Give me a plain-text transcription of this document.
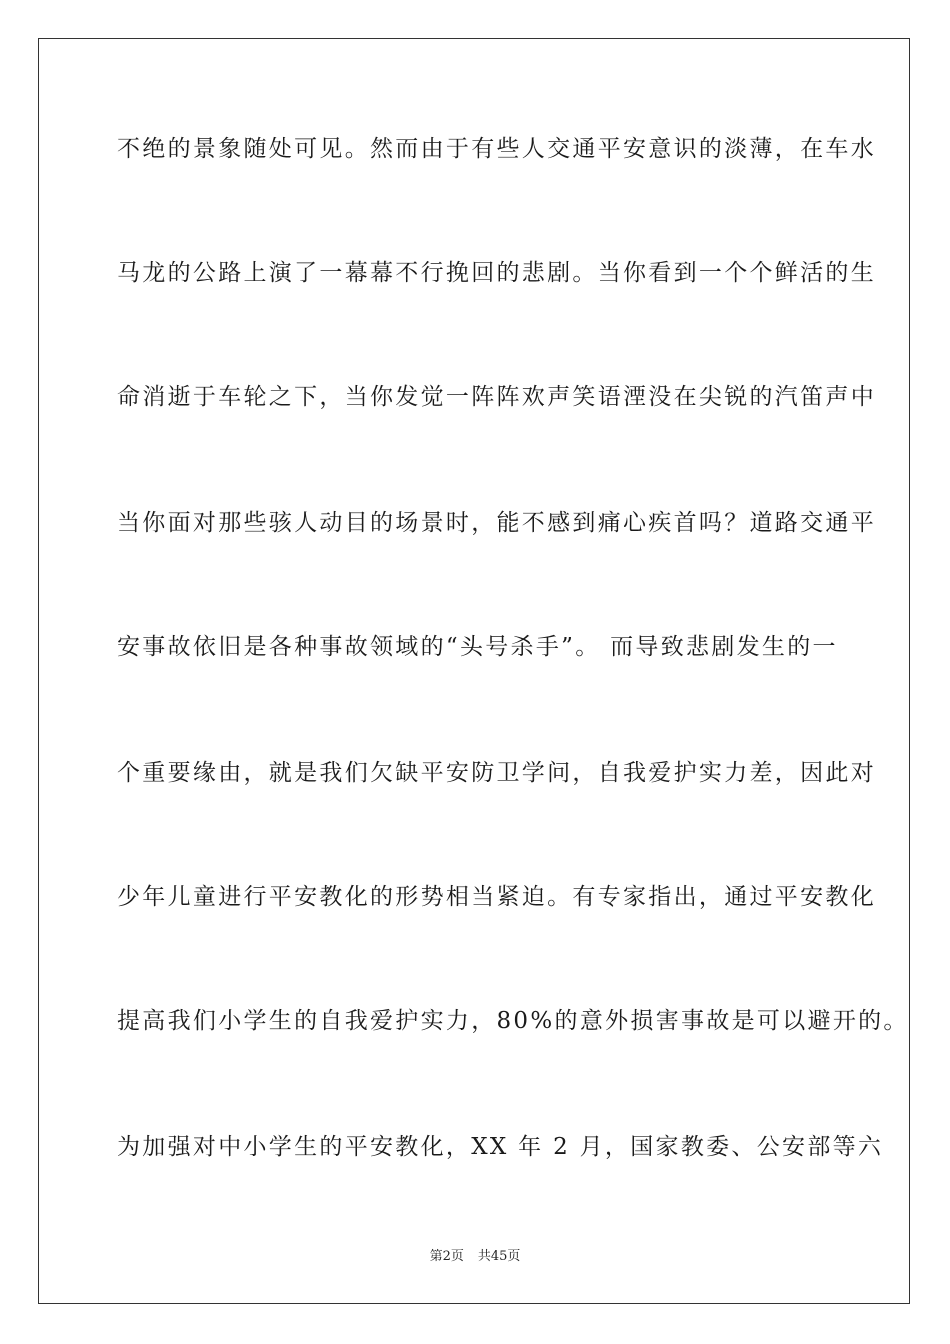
不绝的景象随处可见。然而由于有些人交通平安意识的淡薄，在车水
马龙的公路上演了一幕幕不行挽回的悲剧。当你看到一个个鲜活的生
命消逝于车轮之下，当你发觉一阵阵欢声笑语湮没在尖锐的汽笛声中
当你面对那些骇人动目的场景时，能不感到痛心疾首吗？道路交通平
安事故依旧是各种事故领域的“头号杀手”。 而导致悲剧发生的一
个重要缘由，就是我们欠缺平安防卫学问，自我爱护实力差，因此对
少年儿童进行平安教化的形势相当紧迫。有专家指出，通过平安教化
提高我们小学生的自我爱护实力，80%的意外损害事故是可以避开的。
为加强对中小学生的平安教化，XX 年 2 月，国家教委、公安部等六
第2页 共45页
